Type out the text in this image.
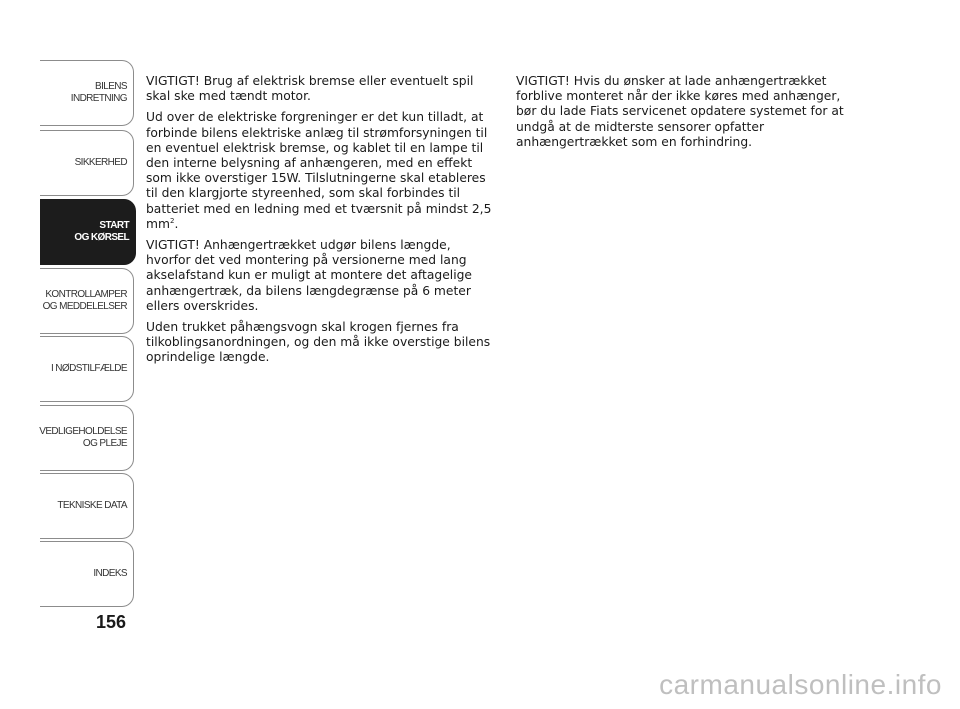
BILENS
INDRETNING
SIKKERHED
START
OG KØRSEL
KONTROLLAMPER
OG MEDDELELSER
I NØDSTILFÆLDE
VEDLIGEHOLDELSE
OG PLEJE
TEKNISKE DATA
INDEKS
156

VIGTIGT! Brug af elektrisk bremse eller eventuelt spil skal ske med tændt motor.

Ud over de elektriske forgreninger er det kun tilladt, at forbinde bilens elektriske anlæg til strømforsyningen til en eventuel elektrisk bremse, og kablet til en lampe til den interne belysning af anhængeren, med en effekt som ikke overstiger 15W. Tilslutningerne skal etableres til den klargjorte styreenhed, som skal forbindes til batteriet med en ledning med et tværsnit på mindst 2,5 $mm^2$.

VIGTIGT! Anhængertrækket udgør bilens længde, hvorfor det ved montering på versionerne med lang akselafstand kun er muligt at montere det aftagelige anhængertræk, da bilens længdegrænse på 6 meter ellers overskrides.

Uden trukket påhængsvogn skal krogen fjernes fra tilkoblingsanordningen, og den må ikke overstige bilens oprindelige længde.

VIGTIGT! Hvis du ønsker at lade anhængertrækket forblive monteret når der ikke køres med anhænger, bør du lade Fiats servicenet opdatere systemet for at undgå at de midterste sensorer opfatter anhængertrækket som en forhindring.

carmanualsonline.info
